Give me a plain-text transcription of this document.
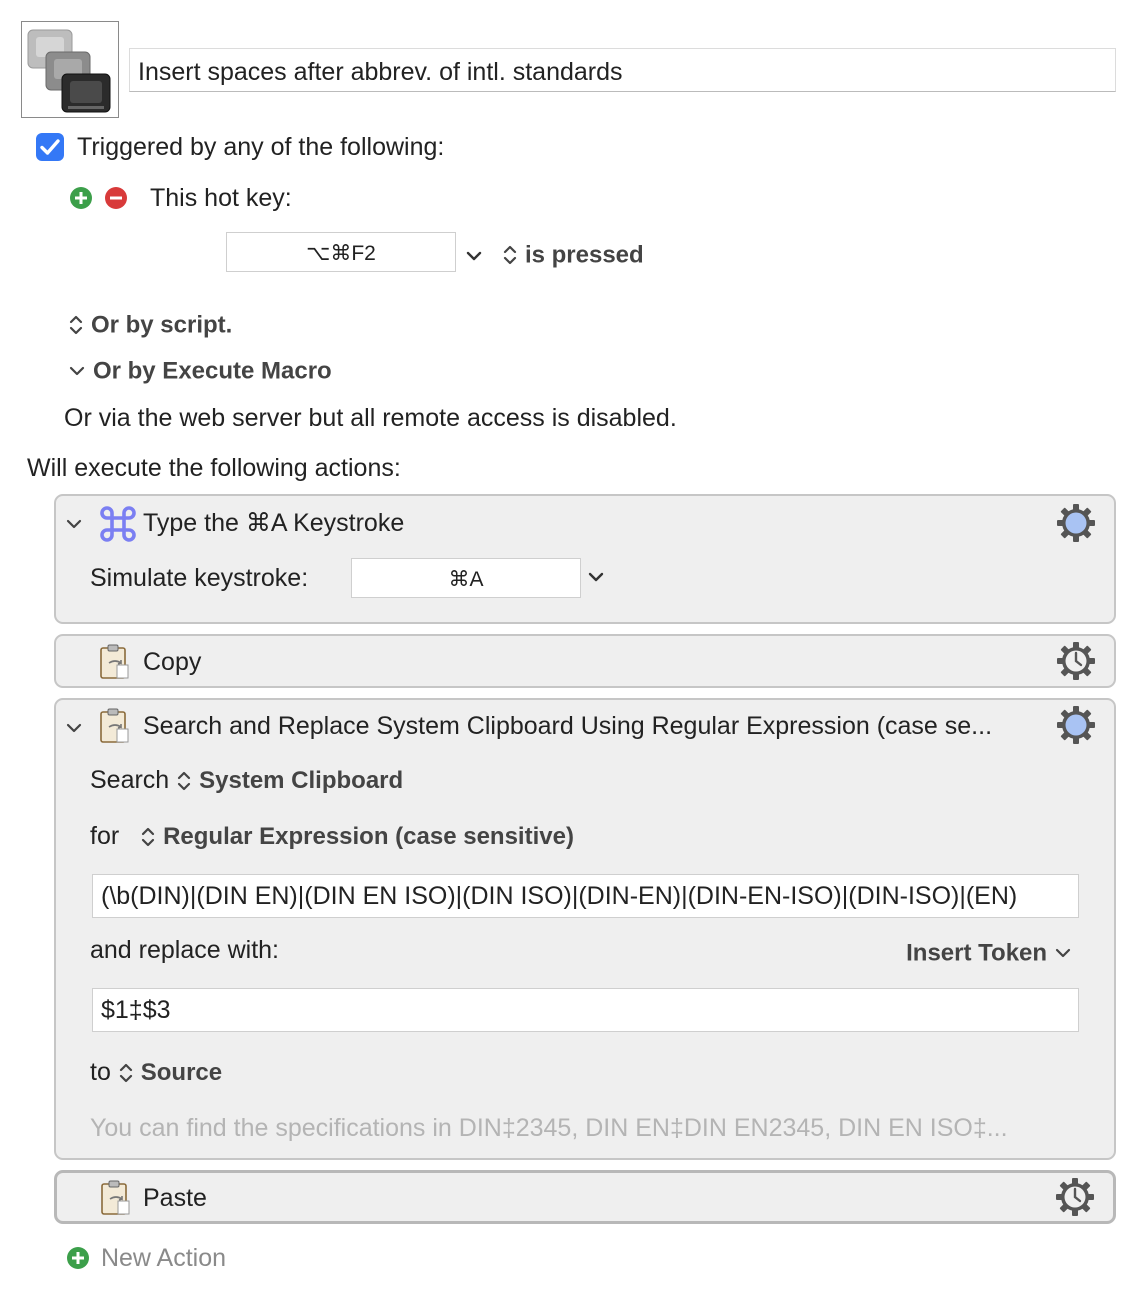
Insert spaces after abbrev. of intl. standards
Triggered by any of the following:
This hot key:
⌥⌘F2	is pressed
Or by script.
Or by Execute Macro
Or via the web server but all remote access is disabled.
Will execute the following actions:
Type the ⌘A Keystroke
Simulate keystroke:	⌘A
Copy
Search and Replace System Clipboard Using Regular Expression (case se...
Search System Clipboard
for Regular Expression (case sensitive)
(\b(DIN)|(DIN EN)|(DIN EN ISO)|(DIN ISO)|(DIN-EN)|(DIN-EN-ISO)|(DIN-ISO)|(EN)
and replace with:	Insert Token
$1‡$3
to Source
You can find the specifications in DIN‡2345, DIN EN‡DIN EN2345, DIN EN ISO‡...
Paste
New Action
